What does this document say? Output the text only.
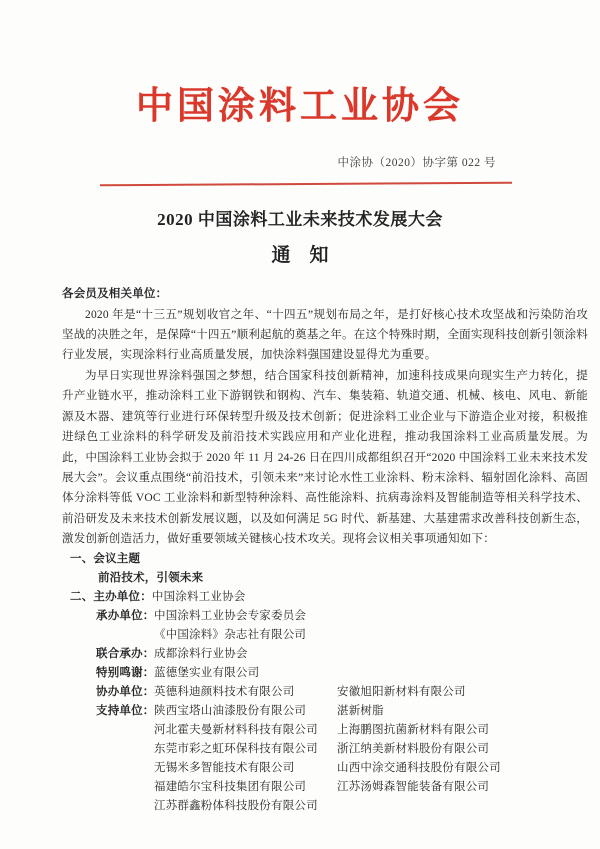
中国涂料工业协会
中涂协（2020）协字第 022 号
2020 中国涂料工业未来技术发展大会
通　知
各会员及相关单位：

2020 年是“十三五”规划收官之年、“十四五”规划布局之年，是打好核心技术攻坚战和污染防治攻坚战的决胜之年，是保障“十四五”顺利起航的奠基之年。在这个特殊时期，全面实现科技创新引领涂料行业发展，实现涂料行业高质量发展，加快涂料强国建设显得尤为重要。

为早日实现世界涂料强国之梦想，结合国家科技创新精神，加速科技成果向现实生产力转化，提升产业链水平，推动涂料工业下游钢铁和钢构、汽车、集装箱、轨道交通、机械、核电、风电、新能源及木器、建筑等行业进行环保转型升级及技术创新；促进涂料工业企业与下游造企业对接，积极推进绿色工业涂料的科学研发及前沿技术实践应用和产业化进程，推动我国涂料工业高质量发展。为此，中国涂料工业协会拟于 2020 年 11 月 24-26 日在四川成都组织召开“2020 中国涂料工业未来技术发展大会”。会议重点围绕“前沿技术，引领未来”来讨论水性工业涂料、粉末涂料、辐射固化涂料、高固体分涂料等低 VOC 工业涂料和新型特种涂料、高性能涂料、抗病毒涂料及智能制造等相关科学技术、前沿研发及未来技术创新发展议题，以及如何满足 5G 时代、新基建、大基建需求改善科技创新生态，激发创新创造活力，做好重要领域关键核心技术攻关。现将会议相关事项通知如下：

一、会议主题
前沿技术，引领未来
二、主办单位：中国涂料工业协会
承办单位： 中国涂料工业协会专家委员会
《中国涂料》杂志社有限公司
联合承办： 成都涂料行业协会
特别鸣谢： 蓝德堡实业有限公司
协办单位： 英德科迪颜料技术有限公司	安徽旭阳新材料有限公司
支持单位： 陕西宝塔山油漆股份有限公司	湛新树脂
河北霍夫曼新材料科技有限公司	上海鹏图抗菌新材料有限公司
东莞市彩之虹环保科技有限公司	浙江纳美新材料股份有限公司
无锡米多智能技术有限公司	山西中涂交通科技股份有限公司
福建皓尔宝科技集团有限公司	江苏汤姆森智能装备有限公司
江苏群鑫粉体科技股份有限公司
